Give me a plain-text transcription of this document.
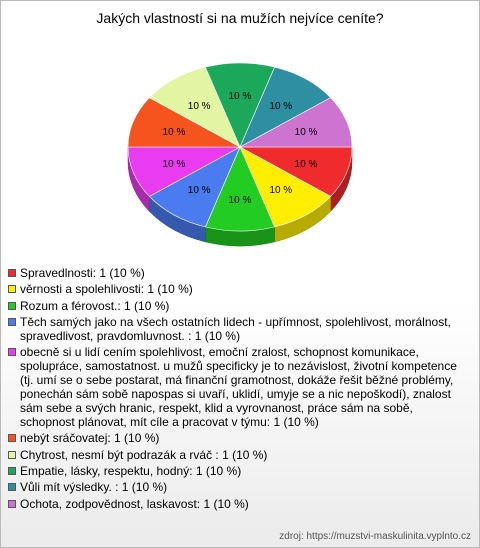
Jakých vlastností si na mužích nejvíce ceníte?
10 %
10 %
10 %
10 %
10 %
10 %
10 %
10 %
10 %
10 %
Spravedlnosti: 1 (10 %)
věrnosti a spolehlivosti: 1 (10 %)
Rozum a férovost.: 1 (10 %)
Těch samých jako na všech ostatních lidech - upřímnost, spolehlivost, morálnost, spravedlivost, pravdomluvnost. : 1 (10 %)
obecně si u lidí cením spolehlivost, emoční zralost, schopnost komunikace, spolupráce, samostatnost. u mužů specificky je to nezávislost, životní kompetence (tj. umí se o sebe postarat, má finanční gramotnost, dokáže řešit běžné problémy, ponechán sám sobě napospas si uvaří, uklidí, umyje se a nic nepoškodí), znalost sám sebe a svých hranic, respekt, klid a vyrovnanost, práce sám na sobě, schopnost plánovat, mít cíle a pracovat v týmu: 1 (10 %)
nebýt sráčovatej: 1 (10 %)
Chytrost, nesmí být podrazák a rváč : 1 (10 %)
Empatie, lásky, respektu, hodný: 1 (10 %)
Vůli mít výsledky. : 1 (10 %)
Ochota, zodpovědnost, laskavost: 1 (10 %)
zdroj: https://muzstvi-maskulinita.vyplnto.cz
